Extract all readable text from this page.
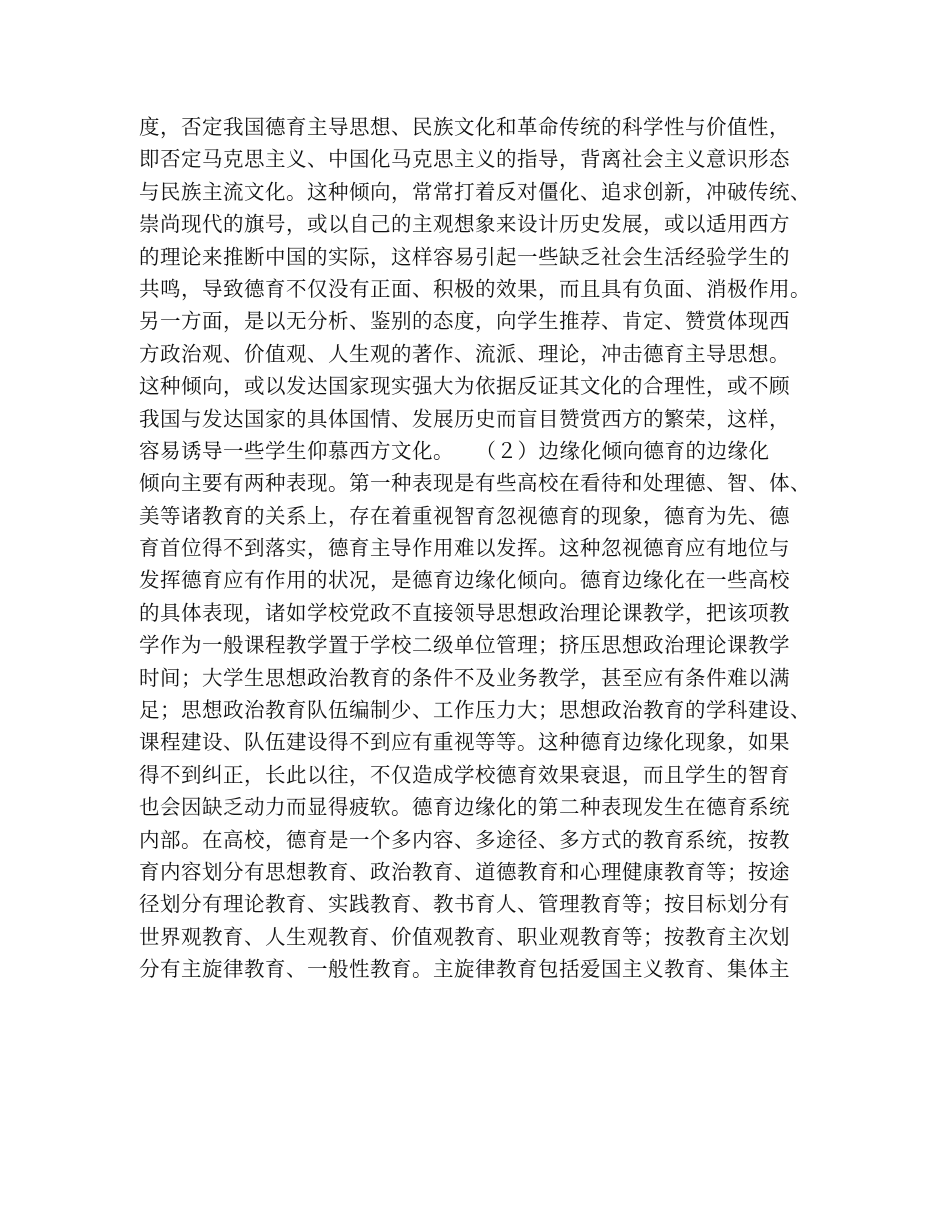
度，否定我国德育主导思想、民族文化和革命传统的科学性与价值性，
即否定马克思主义、中国化马克思主义的指导，背离社会主义意识形态
与民族主流文化。这种倾向，常常打着反对僵化、追求创新，冲破传统、
崇尚现代的旗号，或以自己的主观想象来设计历史发展，或以适用西方
的理论来推断中国的实际，这样容易引起一些缺乏社会生活经验学生的
共鸣，导致德育不仅没有正面、积极的效果，而且具有负面、消极作用。
另一方面，是以无分析、鉴别的态度，向学生推荐、肯定、赞赏体现西
方政治观、价值观、人生观的著作、流派、理论，冲击德育主导思想。
这种倾向，或以发达国家现实强大为依据反证其文化的合理性，或不顾
我国与发达国家的具体国情、发展历史而盲目赞赏西方的繁荣，这样，
容易诱导一些学生仰慕西方文化。　　（２）边缘化倾向德育的边缘化
倾向主要有两种表现。第一种表现是有些高校在看待和处理德、智、体、
美等诸教育的关系上，存在着重视智育忽视德育的现象，德育为先、德
育首位得不到落实，德育主导作用难以发挥。这种忽视德育应有地位与
发挥德育应有作用的状况，是德育边缘化倾向。德育边缘化在一些高校
的具体表现，诸如学校党政不直接领导思想政治理论课教学，把该项教
学作为一般课程教学置于学校二级单位管理；挤压思想政治理论课教学
时间；大学生思想政治教育的条件不及业务教学，甚至应有条件难以满
足；思想政治教育队伍编制少、工作压力大；思想政治教育的学科建设、
课程建设、队伍建设得不到应有重视等等。这种德育边缘化现象，如果
得不到纠正，长此以往，不仅造成学校德育效果衰退，而且学生的智育
也会因缺乏动力而显得疲软。德育边缘化的第二种表现发生在德育系统
内部。在高校，德育是一个多内容、多途径、多方式的教育系统，按教
育内容划分有思想教育、政治教育、道德教育和心理健康教育等；按途
径划分有理论教育、实践教育、教书育人、管理教育等；按目标划分有
世界观教育、人生观教育、价值观教育、职业观教育等；按教育主次划
分有主旋律教育、一般性教育。主旋律教育包括爱国主义教育、集体主
